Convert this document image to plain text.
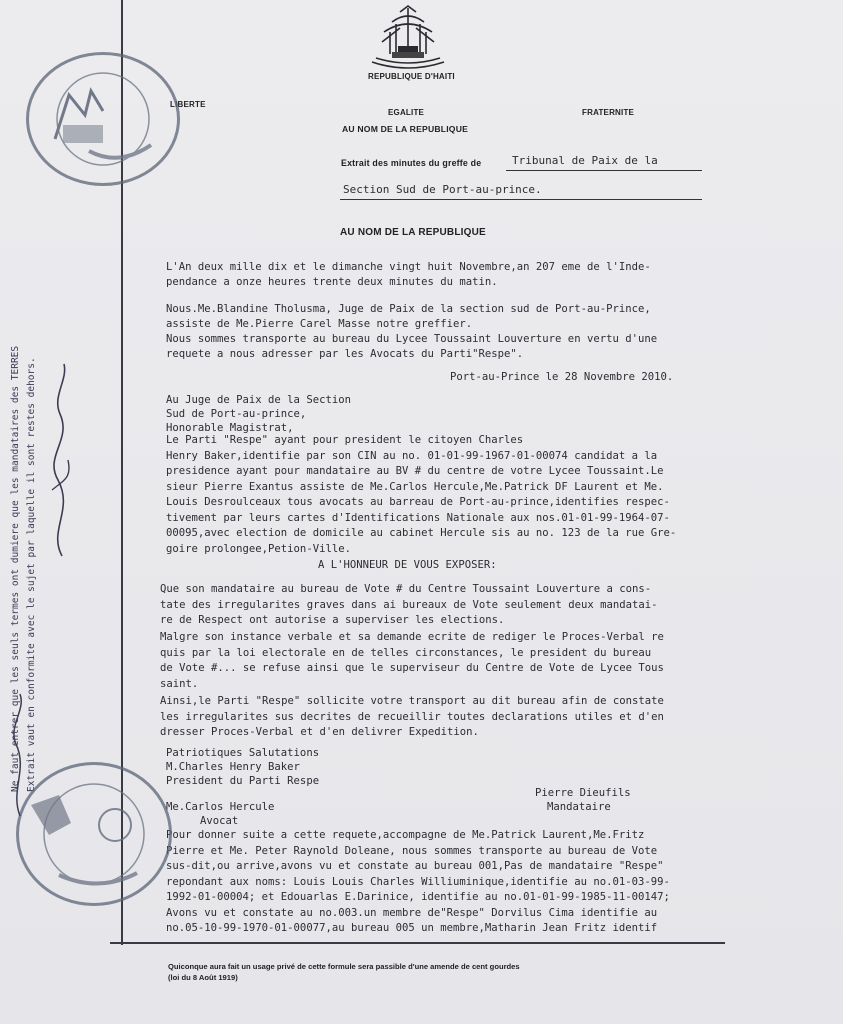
REPUBLIQUE D'HAITI
LIBERTE
EGALITE	FRATERNITE
AU NOM DE LA REPUBLIQUE
Extrait des minutes du greffe de	Tribunal de Paix de la
Section Sud de Port-au-prince.
AU NOM DE LA REPUBLIQUE
L'An deux mille dix et le dimanche vingt huit Novembre,an 207 eme de l'Inde-
pendance a onze heures trente deux minutes du matin.
Nous.Me.Blandine Tholusma, Juge de Paix de la section sud de Port-au-Prince,
assiste de Me.Pierre Carel Masse notre greffier.
Nous sommes transporte au bureau du Lycee Toussaint Louverture en vertu d'une
requete a nous adresser par les Avocats du Parti"Respe".
Port-au-Prince le 28 Novembre 2010.
Au Juge de Paix de la Section
Sud de Port-au-prince,
Honorable Magistrat,
Le Parti "Respe" ayant pour president le citoyen Charles
Henry Baker,identifie par son CIN au no. 01-01-99-1967-01-00074 candidat a la
presidence ayant pour mandataire au BV # du centre de votre Lycee Toussaint.Le
sieur Pierre Exantus assiste de Me.Carlos Hercule,Me.Patrick DF Laurent et Me.
Louis Desroulceaux tous avocats au barreau de Port-au-prince,identifies respec-
tivement par leurs cartes d'Identifications Nationale aux nos.01-01-99-1964-07-
00095,avec election de domicile au cabinet Hercule sis au no. 123 de la rue Gre-
goire prolongee,Petion-Ville.
A L'HONNEUR DE VOUS EXPOSER:
Que son mandataire au bureau de Vote # du Centre Toussaint Louverture a cons-
tate des irregularites graves dans ai bureaux de Vote seulement deux mandatai-
re de Respect ont autorise a superviser les elections.
Malgre son instance verbale et sa demande ecrite de rediger le Proces-Verbal re
quis par la loi electorale en de telles circonstances, le president du bureau
de Vote #... se refuse ainsi que le superviseur du Centre de Vote de Lycee Tous
saint.
Ainsi,le Parti "Respe" sollicite votre transport au dit bureau afin de constate
les irregularites sus decrites de recueillir toutes declarations utiles et d'en
dresser Proces-Verbal et d'en delivrer Expedition.
Patriotiques Salutations
M.Charles Henry Baker
President du Parti Respe
Pierre Dieufils
Mandataire
Me.Carlos Hercule
Avocat
Pour donner suite a cette requete,accompagne de Me.Patrick Laurent,Me.Fritz
Pierre et Me. Peter Raynold Doleane, nous sommes transporte au bureau de Vote
sus-dit,ou arrive,avons vu et constate au bureau 001,Pas de mandataire "Respe"
repondant aux noms: Louis Louis Charles Williuminique,identifie au no.01-03-99-
1992-01-00004; et Edouarlas E.Darinice, identifie au no.01-01-99-1985-11-00147;
Avons vu et constate au no.003.un membre de"Respe" Dorvilus Cima identifie au
no.05-10-99-1970-01-00077,au bureau 005 un membre,Matharin Jean Fritz identif
Quiconque aura fait un usage privé de cette formule sera passible d'une amende de cent gourdes
(loi du 8 Août 1919)
Ne faut entrer que les seuls termes ont dumiere que les mandataires des TERRES Extrait vaut en conformite avec le sujet par laquelle il sont restes dehors.
